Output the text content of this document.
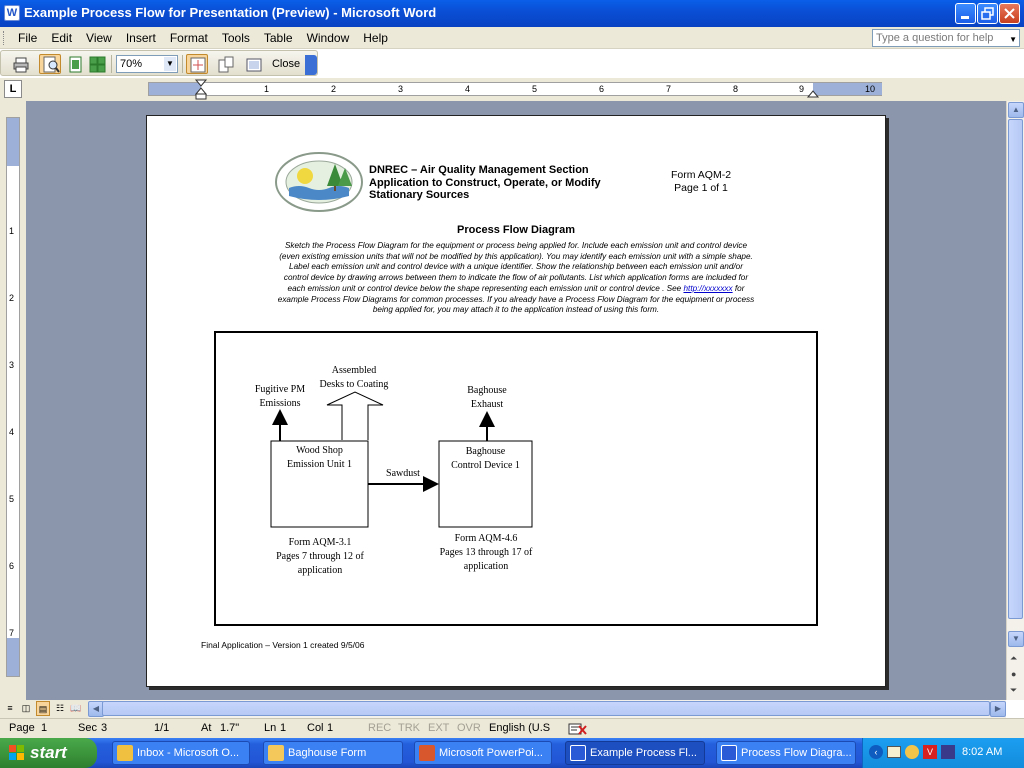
W Example Process Flow for Presentation (Preview) - Microsoft Word
File	Edit	View	Insert	Format	Tools	Table	Window	Help	Type a question for help ▼
70%	▼	Close
L	1	2	3	4	5	6	7	8	9	10
1
2
3
4
5
6
7
DNREC – Air Quality Management Section
Application to Construct, Operate, or Modify
Stationary Sources
Form AQM-2
Page 1 of 1
Process Flow Diagram
Sketch the Process Flow Diagram for the equipment or process being applied for. Include each emission unit and control device
(even existing emission units that will not be modified by this application). You may identify each emission unit with a simple shape.
Label each emission unit and control device with a unique identifier. Show the relationship between each emission unit and/or
control device by drawing arrows between them to indicate the flow of air pollutants. List which application forms are included for
each emission unit or control device below the shape representing each emission unit or control device . See http://xxxxxxx for
example Process Flow Diagrams for common processes. If you already have a Process Flow Diagram for the equipment or process
being applied for, you may attach it to the application instead of using this form.
Fugitive PM
Emissions
Assembled
Desks to Coating
Baghouse
Exhaust
Wood Shop
Emission Unit 1
Baghouse
Control Device 1
Sawdust
Form AQM-3.1
Pages 7 through 12 of
application
Form AQM-4.6
Pages 13 through 17 of
application
Final Application – Version 1 created 9/5/06
▲
▼
⏶
●
⏷
≡	◫ ▤ ☷ 📖	◀	▶
Page 1	Sec 3	1/1	At 1.7" Ln 1 Col 1	REC TRK EXT OVR English (U.S
start	Inbox - Microsoft O...	Baghouse Form	Microsoft PowerPoi...	Example Process Fl...	Process Flow Diagra...	‹	V	8:02 AM
